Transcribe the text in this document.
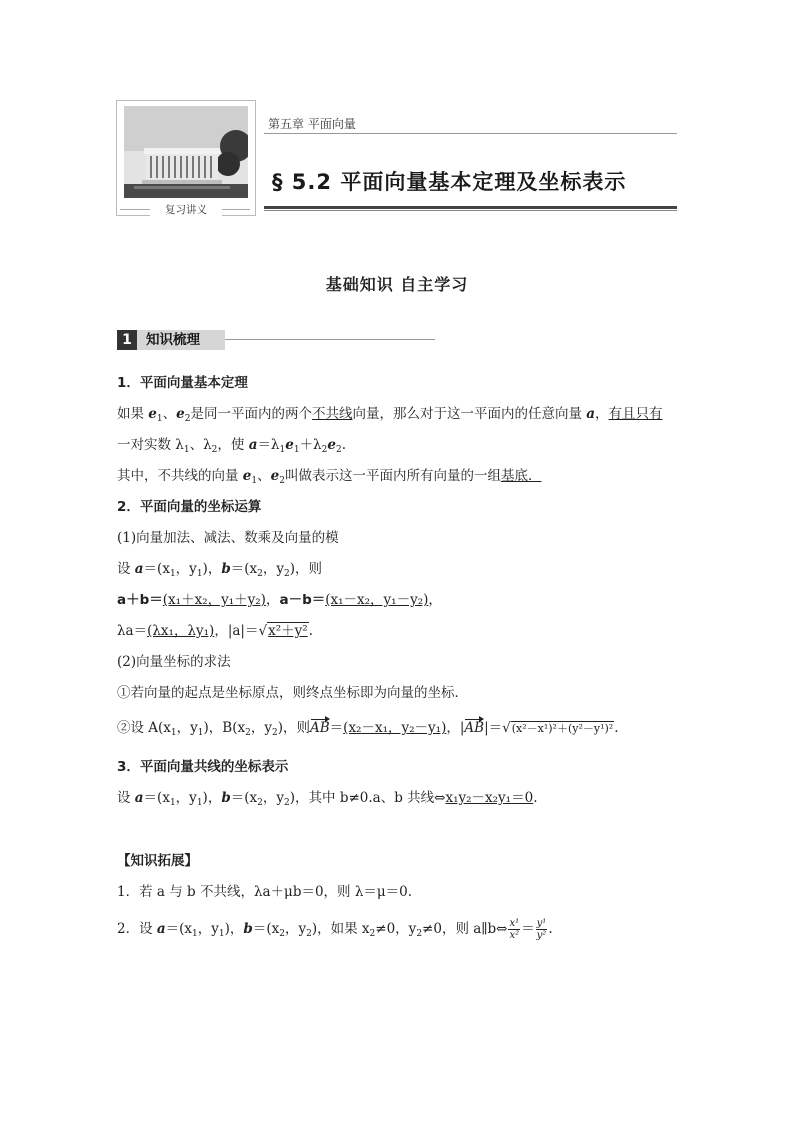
复习讲义
第五章 平面向量
§ 5.2 平面向量基本定理及坐标表示
基础知识 自主学习
1	知识梳理
1．平面向量基本定理
如果 $e_1$、$e_2$是同一平面内的两个不共线向量，那么对于这一平面内的任意向量 a，有且只有
一对实数 $\lambda_1$、$\lambda_2$，使 $a=\lambda_1e_1+\lambda_2e_2$.
其中，不共线的向量 $e_1$、$e_2$叫做表示这一平面内所有向量的一组基底．
2．平面向量的坐标运算
(1)向量加法、减法、数乘及向量的模
设 $a=(x_1$，$y_1$)，$b=(x_2$，$y_2$)，则
a＋b＝(x₁＋x₂，y₁＋y₂)，a－b＝(x₁－x₂，y₁－y₂)，
λa＝(λx₁，λy₁)，|a|＝√x²＋y².
(2)向量坐标的求法
①若向量的起点是坐标原点，则终点坐标即为向量的坐标．
②设 $A(x_1$，$y_1$)，$B(x_2$，$y_2$)，则AB＝(x₂－x₁，y₂－y₁)，|AB|＝√(x²－x¹)²＋(y²－y¹)².
3．平面向量共线的坐标表示
设 $a=(x_1$，$y_1$)，$b=(x_2$，$y_2$)，其中 b≠0.a、b 共线⇔x₁y₂－x₂y₁＝0.
【知识拓展】
1．若 a 与 b 不共线，λa＋μb＝0，则 λ＝μ＝0.
2．设 $a=(x_1$，$y_1$)，$b=(x_2$，$y_2$)，如果 $x_2\ne 0$，$y_2\ne 0$，则 a∥b⇔ $\frac{\text{x¹}}{\text{x²}} = \frac{\text{y¹}}{\text{y²}}$ .
